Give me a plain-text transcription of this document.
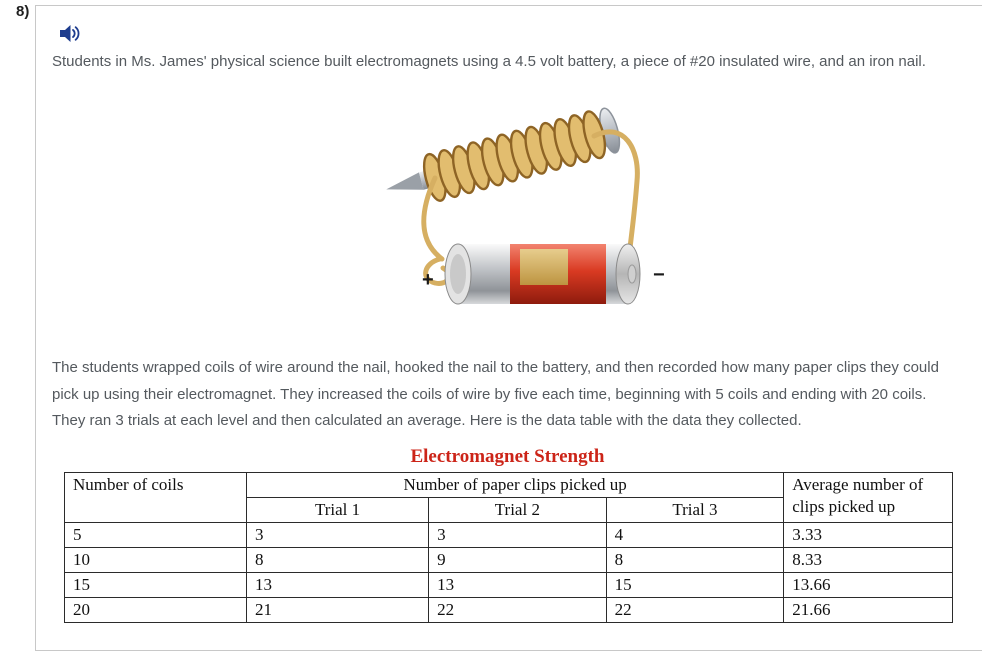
8)

Students in Ms. James' physical science built electromagnets using a 4.5 volt battery, a piece of #20 insulated wire, and an iron nail.

+	−

The students wrapped coils of wire around the nail, hooked the nail to the battery, and then recorded how many paper clips they could pick up using their electromagnet. They increased the coils of wire by five each time, beginning with 5 coils and ending with 20 coils. They ran 3 trials at each level and then calculated an average. Here is the data table with the data they collected.

Electromagnet Strength
Number of coils	Number of paper clips picked up			Average number of clips picked up
	Trial 1	Trial 2	Trial 3	
5	3	3	4	3.33
10	8	9	8	8.33
15	13	13	15	13.66
20	21	22	22	21.66
